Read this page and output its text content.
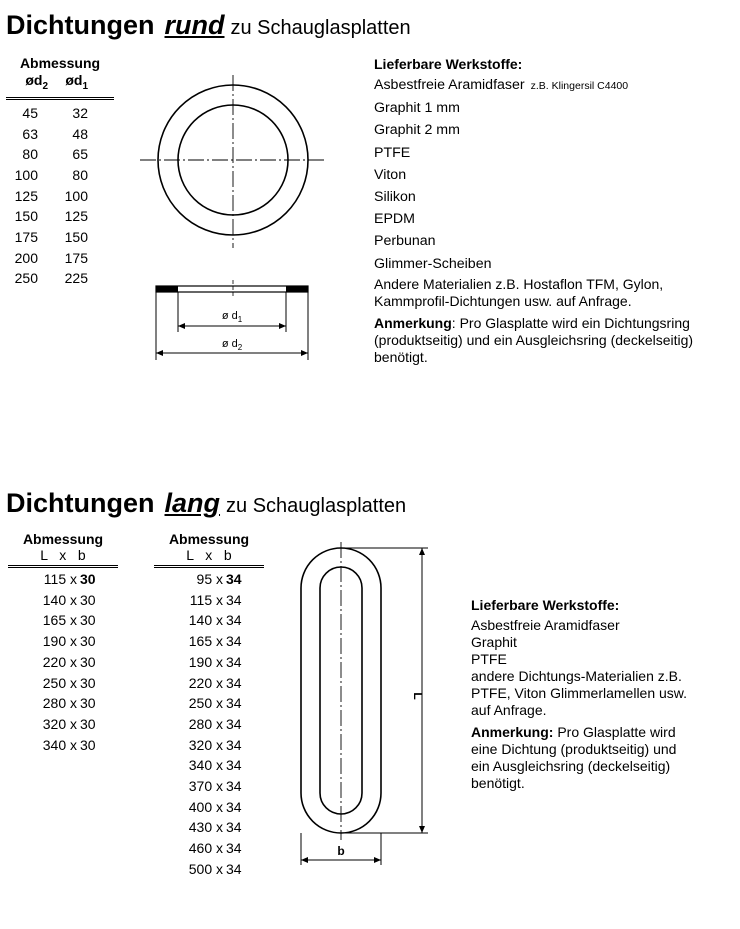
Dichtungen rund zu Schauglasplatten
Abmessung
$ød_2$	$ød_1$
45	32
63	48
80	65
100	80
125	100
150	125
175	150
200	175
250	225
ø $d_1$
ø $d_2$
Lieferbare Werkstoffe:
Asbestfreie Aramidfaser z.B. Klingersil C4400
Graphit 1 mm
Graphit 2 mm
PTFE
Viton
Silikon
EPDM
Perbunan
Glimmer-Scheiben
Andere Materialien z.B. Hostaflon TFM, Gylon,
Kammprofil-Dichtungen usw. auf Anfrage.
Anmerkung: Pro Glasplatte wird ein Dichtungsring
(produktseitig) und ein Ausgleichsring (deckelseitig)
benötigt.
Dichtungen lang zu Schauglasplatten
Abmessung
L   x   b
115 x 30
140 x 30
165 x 30
190 x 30
220 x 30
250 x 30
280 x 30
320 x 30
340 x 30
Abmessung
L   x   b
95 x 34
115 x 34
140 x 34
165 x 34
190 x 34
220 x 34
250 x 34
280 x 34
320 x 34
340 x 34
370 x 34
400 x 34
430 x 34
460 x 34
500 x 34
L
b
Lieferbare Werkstoffe:
Asbestfreie Aramidfaser
Graphit
PTFE
andere Dichtungs-Materialien z.B.
PTFE, Viton Glimmerlamellen usw.
auf Anfrage.
Anmerkung: Pro Glasplatte wird
eine Dichtung (produktseitig) und
ein Ausgleichsring (deckelseitig)
benötigt.
